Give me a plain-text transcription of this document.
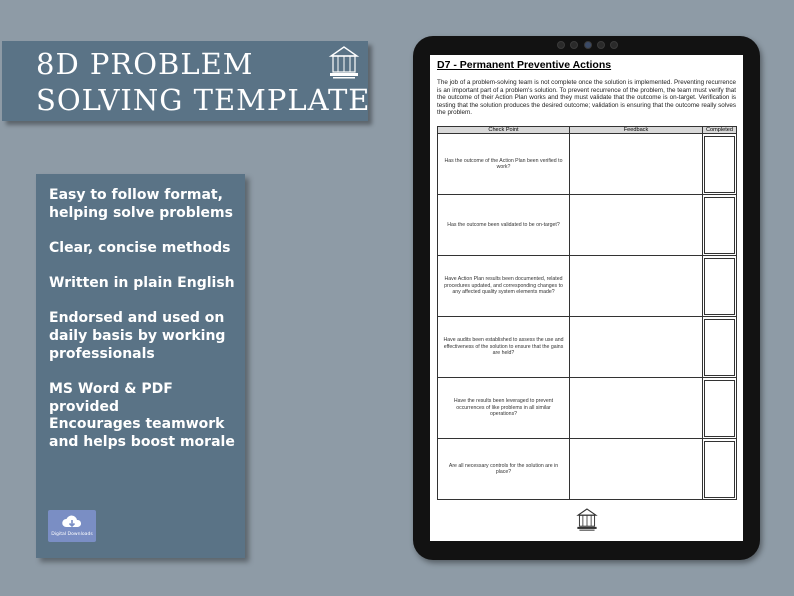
8D PROBLEM
SOLVING TEMPLATE
Easy to follow format, helping solve problems
Clear, concise methods
Written in plain English
Endorsed and used on daily basis by working professionals
MS Word & PDF provided
Encourages teamwork and helps boost morale
Digital Downloads
D7 - Permanent Preventive Actions
The job of a problem-solving team is not complete once the solution is implemented. Preventing recurrence is an important part of a problem's solution. To prevent recurrence of the problem, the team must verify that the outcome of their Action Plan works and they must validate that the outcome is on-target. Verification is testing that the solution produces the desired outcome; validation is ensuring that the outcome really solves the problem.
Check Point	Feedback	Completed
Has the outcome of the Action Plan been verified to work?		

Has the outcome been validated to be on-target?		

Have Action Plan results been documented, related procedures updated, and corresponding changes to any affected quality system elements made?		

Have audits been established to assess the use and effectiveness of the solution to ensure that the gains are held?		

Have the results been leveraged to prevent occurrences of like problems in all similar operations?		

Are all necessary controls for the solution are in place?		
